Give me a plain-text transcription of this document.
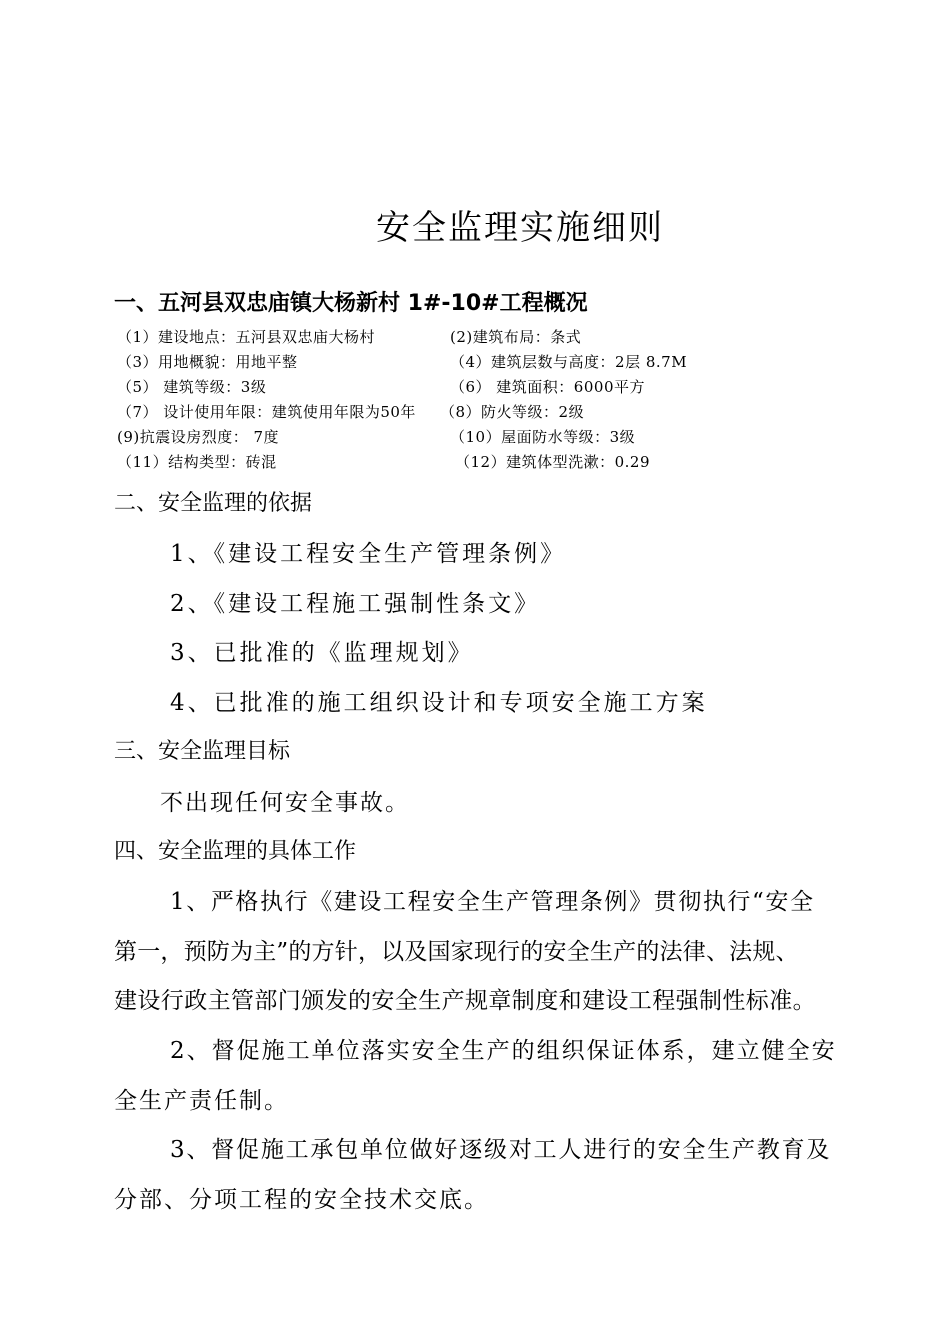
安全监理实施细则
一、五河县双忠庙镇大杨新村 1#-10#工程概况
（1）建设地点：五河县双忠庙大杨村	(2)建筑布局：条式
（3）用地概貌：用地平整	（4）建筑层数与高度：2层 8.7M
（5） 建筑等级：3级	（6） 建筑面积：6000平方
（7） 设计使用年限：建筑使用年限为50年 （8）防火等级：2级
(9)抗震设房烈度： 7度	（10）屋面防水等级：3级
（11）结构类型：砖混	（12）建筑体型洗漱：0.29
二、安全监理的依据
1、《建设工程安全生产管理条例》
2、《建设工程施工强制性条文》
3、已批准的《监理规划》
4、已批准的施工组织设计和专项安全施工方案
三、安全监理目标
不出现任何安全事故。
四、安全监理的具体工作
1、严格执行《建设工程安全生产管理条例》贯彻执行“安全
第一，预防为主”的方针，以及国家现行的安全生产的法律、法规、
建设行政主管部门颁发的安全生产规章制度和建设工程强制性标准。
2、督促施工单位落实安全生产的组织保证体系，建立健全安
全生产责任制。
3、督促施工承包单位做好逐级对工人进行的安全生产教育及
分部、分项工程的安全技术交底。
